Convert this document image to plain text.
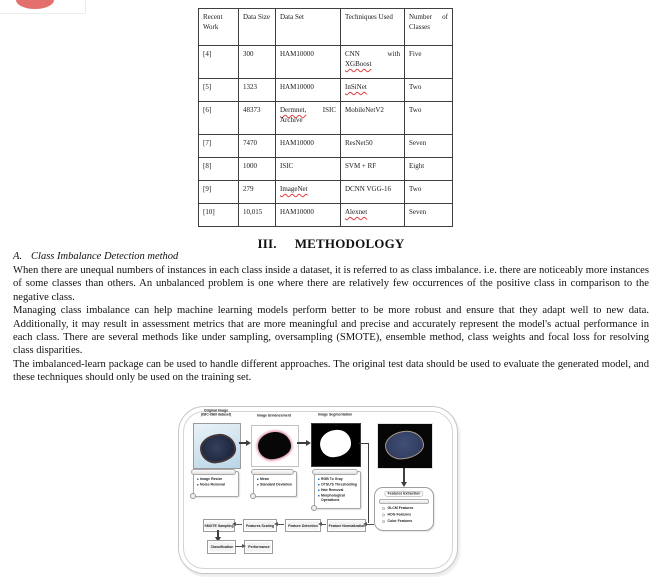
Recent Work	Data Size	Data Set	Techniques Used	Number of Classes
[4]	300	HAM10000	CNN with XGBoost	Five
[5]	1323	HAM10000	InSiNet	Two
[6]	48373	Dermnet, ISIC Archive	MobileNetV2	Two
[7]	7470	HAM10000	ResNet50	Seven
[8]	1000	ISIC	SVM + RF	Eight
[9]	279	ImageNet	DCNN VGG-16	Two
[10]	10,015	HAM10000	Alexnet	Seven
III. METHODOLOGY
A. Class Imbalance Detection method

When there are unequal numbers of instances in each class inside a dataset, it is referred to as class imbalance. i.e. there are noticeably more instances of some classes than others. An unbalanced problem is one where there are relatively few occurrences of the positive class in comparison to the negative class.

Managing class imbalance can help machine learning models perform better to be more robust and ensure that they adapt well to new data. Additionally, it may result in assessment metrics that are more meaningful and precise and accurately represent the model's actual performance in each class. There are several methods like under sampling, oversampling (SMOTE), ensemble method, class weights and focal loss for resolving class disparities.

The imbalanced-learn package can be used to handle different approaches. The original test data should be used to evaluate the generated model, and these techniques should only be used on the training set.

Original Image
(ISIC-ISBI dataset)	Image Enhancement	Image Segmentation
Image Resize
Noise Removal
Mean
Standard Deviation
RGB To Gray
OTSU'S Thresholding
Hair Removal
Morphological Operations
Features Extraction
GLCM Features
HOG Features
Color Features
SMOTE Sampling Features Scaling Feature Detection Feature Normalization
Classification Performance
